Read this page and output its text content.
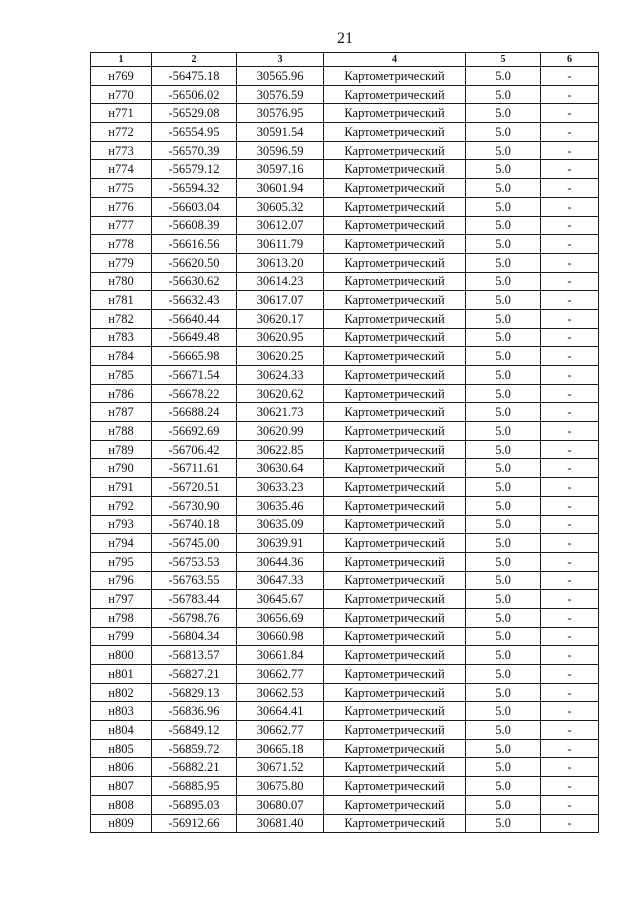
21
1	2	3	4	5	6
н769	-56475.18	30565.96	Картометрический	5.0	-
н770	-56506.02	30576.59	Картометрический	5.0	-
н771	-56529.08	30576.95	Картометрический	5.0	-
н772	-56554.95	30591.54	Картометрический	5.0	-
н773	-56570.39	30596.59	Картометрический	5.0	-
н774	-56579.12	30597.16	Картометрический	5.0	-
н775	-56594.32	30601.94	Картометрический	5.0	-
н776	-56603.04	30605.32	Картометрический	5.0	-
н777	-56608.39	30612.07	Картометрический	5.0	-
н778	-56616.56	30611.79	Картометрический	5.0	-
н779	-56620.50	30613.20	Картометрический	5.0	-
н780	-56630.62	30614.23	Картометрический	5.0	-
н781	-56632.43	30617.07	Картометрический	5.0	-
н782	-56640.44	30620.17	Картометрический	5.0	-
н783	-56649.48	30620.95	Картометрический	5.0	-
н784	-56665.98	30620.25	Картометрический	5.0	-
н785	-56671.54	30624.33	Картометрический	5.0	-
н786	-56678.22	30620.62	Картометрический	5.0	-
н787	-56688.24	30621.73	Картометрический	5.0	-
н788	-56692.69	30620.99	Картометрический	5.0	-
н789	-56706.42	30622.85	Картометрический	5.0	-
н790	-56711.61	30630.64	Картометрический	5.0	-
н791	-56720.51	30633.23	Картометрический	5.0	-
н792	-56730.90	30635.46	Картометрический	5.0	-
н793	-56740.18	30635.09	Картометрический	5.0	-
н794	-56745.00	30639.91	Картометрический	5.0	-
н795	-56753.53	30644.36	Картометрический	5.0	-
н796	-56763.55	30647.33	Картометрический	5.0	-
н797	-56783.44	30645.67	Картометрический	5.0	-
н798	-56798.76	30656.69	Картометрический	5.0	-
н799	-56804.34	30660.98	Картометрический	5.0	-
н800	-56813.57	30661.84	Картометрический	5.0	-
н801	-56827.21	30662.77	Картометрический	5.0	-
н802	-56829.13	30662.53	Картометрический	5.0	-
н803	-56836.96	30664.41	Картометрический	5.0	-
н804	-56849.12	30662.77	Картометрический	5.0	-
н805	-56859.72	30665.18	Картометрический	5.0	-
н806	-56882.21	30671.52	Картометрический	5.0	-
н807	-56885.95	30675.80	Картометрический	5.0	-
н808	-56895.03	30680.07	Картометрический	5.0	-
н809	-56912.66	30681.40	Картометрический	5.0	-
